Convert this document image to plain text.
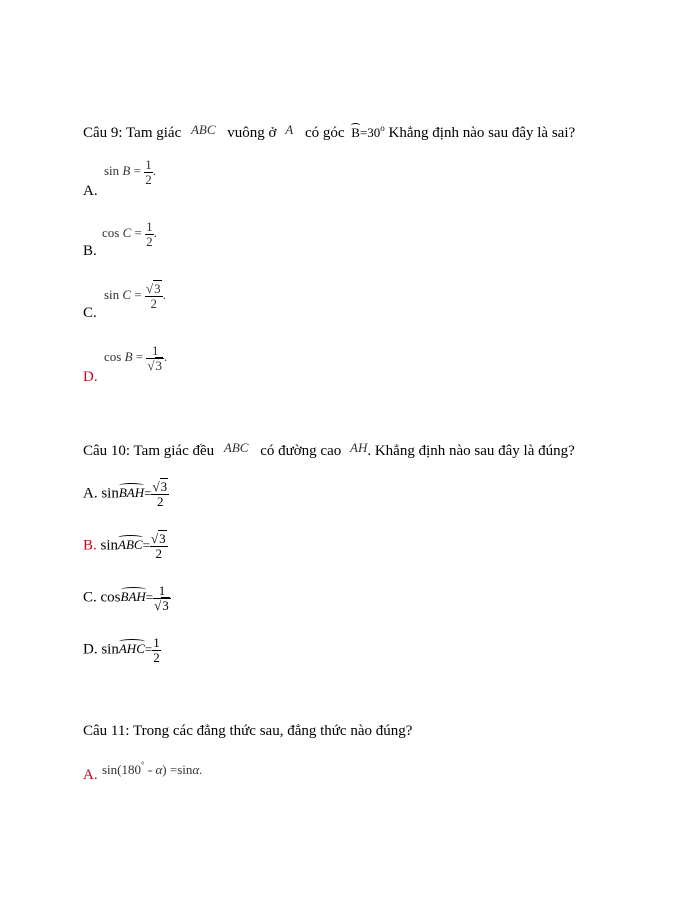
Câu 9: Tam giác ABC vuông ở A có góc $B=30^o$ Khẳng định nào sau đây là sai?
A.
$\sin B = \frac{1}{2}$ .
B.
$\cos C = \frac{1}{2}$ .
C.
$\sin C = \frac{√3}{2}$ .
D.
$\cos B = \frac{1}{√3}$ .
Câu 10: Tam giác đều ABC có đường cao AH. Khẳng định nào sau đây là đúng?
A. sinBAH= $\frac{√3}{2}$
B. sinABC= $\frac{√3}{2}$
C. cosBAH= $\frac{1}{√3}$
D. sinAHC= $\frac{1}{2}$
Câu 11: Trong các đẳng thức sau, đẳng thức nào đúng?
A. sin(180° - α) =sinα.
